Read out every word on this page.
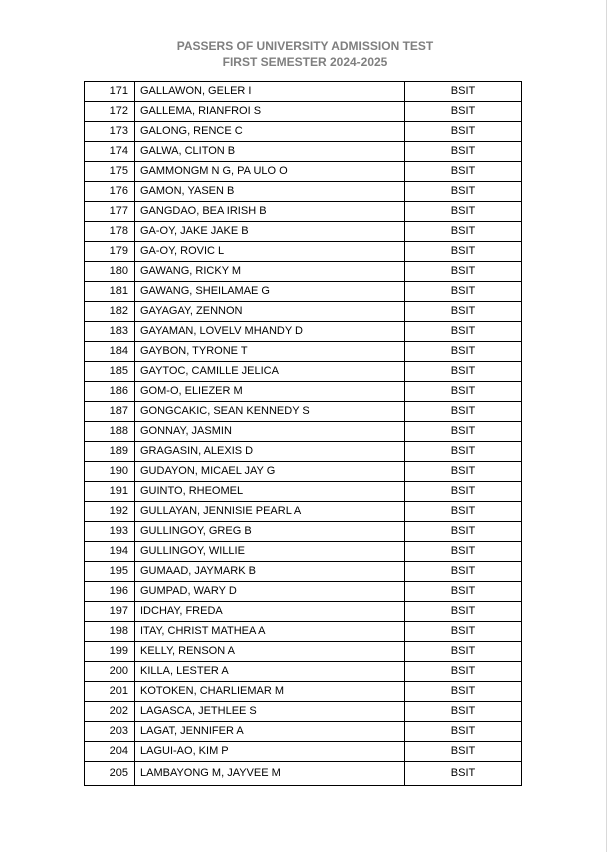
PASSERS OF UNIVERSITY ADMISSION TEST
FIRST SEMESTER 2024-2025
171	GALLAWON, GELER I	BSIT
172	GALLEMA, RIANFROI S	BSIT
173	GALONG, RENCE C	BSIT
174	GALWA, CLITON B	BSIT
175	GAMMONGM N G, PA ULO O	BSIT
176	GAMON, YASEN B	BSIT
177	GANGDAO, BEA IRISH B	BSIT
178	GA-OY, JAKE JAKE B	BSIT
179	GA-OY, ROVIC L	BSIT
180	GAWANG, RICKY M	BSIT
181	GAWANG, SHEILAMAE G	BSIT
182	GAYAGAY, ZENNON	BSIT
183	GAYAMAN, LOVELV MHANDY D	BSIT
184	GAYBON, TYRONE T	BSIT
185	GAYTOC, CAMILLE JELICA	BSIT
186	GOM-O, ELIEZER M	BSIT
187	GONGCAKIC, SEAN KENNEDY S	BSIT
188	GONNAY, JASMIN	BSIT
189	GRAGASIN, ALEXIS D	BSIT
190	GUDAYON, MICAEL JAY G	BSIT
191	GUINTO, RHEOMEL	BSIT
192	GULLAYAN, JENNISIE PEARL A	BSIT
193	GULLINGOY, GREG B	BSIT
194	GULLINGOY, WILLIE	BSIT
195	GUMAAD, JAYMARK B	BSIT
196	GUMPAD, WARY D	BSIT
197	IDCHAY, FREDA	BSIT
198	ITAY, CHRIST MATHEA A	BSIT
199	KELLY, RENSON A	BSIT
200	KILLA, LESTER A	BSIT
201	KOTOKEN, CHARLIEMAR M	BSIT
202	LAGASCA, JETHLEE S	BSIT
203	LAGAT, JENNIFER A	BSIT
204	LAGUI-AO, KIM P	BSIT
205	LAMBAYONG M, JAYVEE M	BSIT
